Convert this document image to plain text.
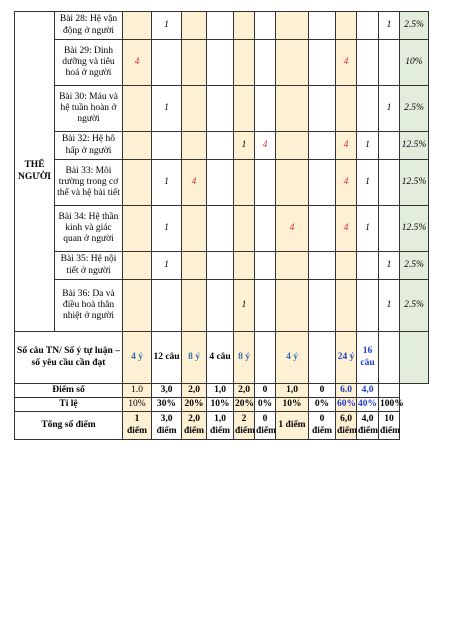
THỂ
NGƯỜI	Bài 28: Hệ vận động ở người		1									1	2.5%
	Bài 29: Dinh dưỡng và tiêu hoá ở người	4								4			10%
	Bài 30: Máu và hệ tuần hoàn ở người		1									1	2.5%
	Bài 32: Hệ hô hấp ở người					1	4			4	1		12.5%
	Bài 33: Môi trường trong cơ thể và hệ bài tiết		1	4						4	1		12.5%
	Bài 34: Hệ thần kinh và giác quan ở người		1					4		4	1		12.5%
	Bài 35: Hệ nội tiết ở người		1									1	2.5%
	Bài 36: Da và điều hoà thân nhiệt ở người					1						1	2.5%
Số câu TN/ Số ý tự luận – số yêu cầu cần đạt		4 ý	12 câu	8 ý	4 câu	8 ý		4 ý		24 ý	16 câu		
Điểm số		1.0	3,0	2,0	1,0	2,0	0	1,0	0	6.0	4,0		
Tỉ lệ		10%	30%	20%	10%	20%	0%	10%	0%	60%	40%	100%	
Tổng số điểm		1 điểm	3,0 điểm	2,0 điểm	1,0 điểm	2 điểm	0 điểm	1 điểm	0 điểm	6,0 điểm	4,0 điểm	10 điểm	
